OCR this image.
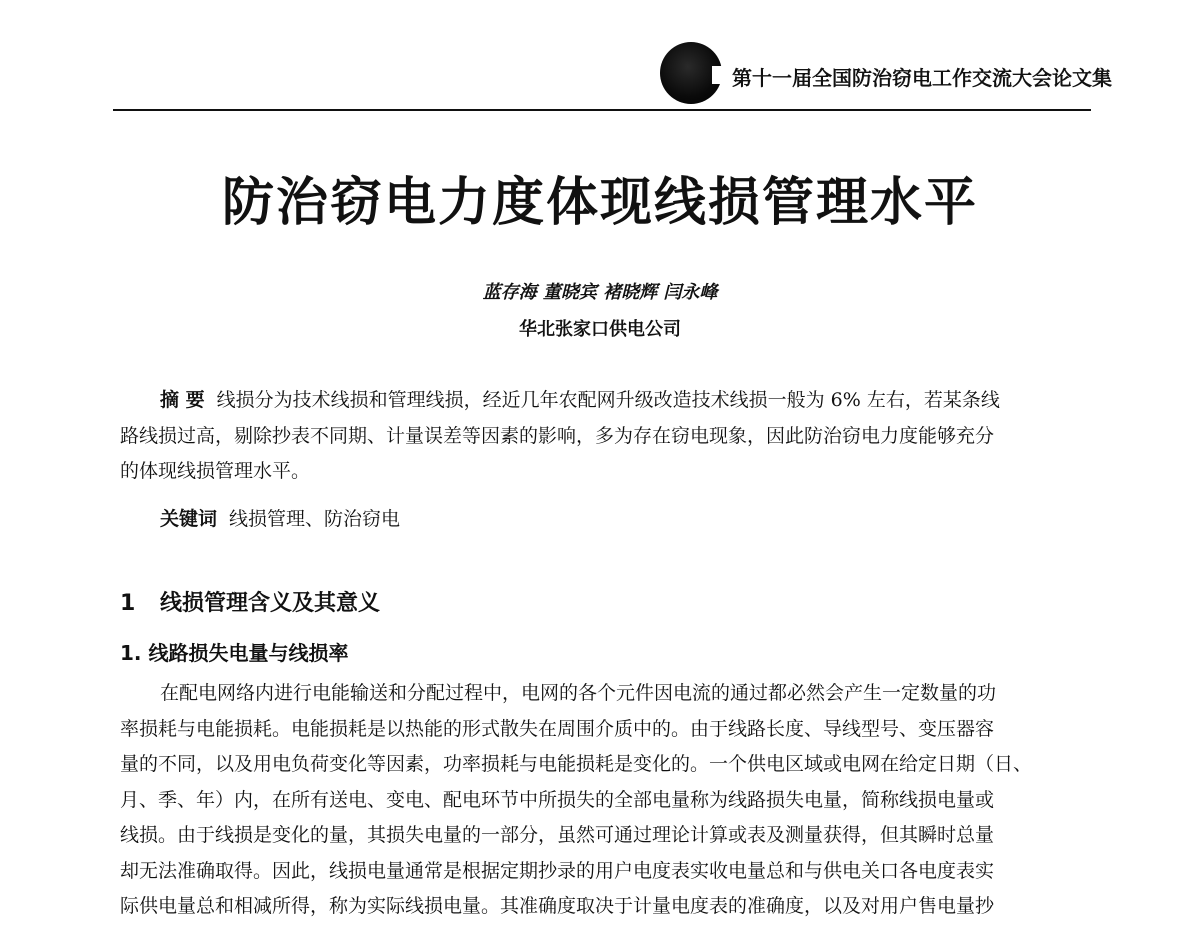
第十一届全国防治窃电工作交流大会论文集
防治窃电力度体现线损管理水平
蓝存海 董晓宾 褚晓辉 闫永峰
华北张家口供电公司
摘 要 线损分为技术线损和管理线损，经近几年农配网升级改造技术线损一般为 6% 左右，若某条线
路线损过高，剔除抄表不同期、计量误差等因素的影响，多为存在窃电现象，因此防治窃电力度能够充分
的体现线损管理水平。
关键词 线损管理、防治窃电
1 线损管理含义及其意义
1. 线路损失电量与线损率
在配电网络内进行电能输送和分配过程中，电网的各个元件因电流的通过都必然会产生一定数量的功
率损耗与电能损耗。电能损耗是以热能的形式散失在周围介质中的。由于线路长度、导线型号、变压器容
量的不同，以及用电负荷变化等因素，功率损耗与电能损耗是变化的。一个供电区域或电网在给定日期（日、
月、季、年）内，在所有送电、变电、配电环节中所损失的全部电量称为线路损失电量，简称线损电量或
线损。由于线损是变化的量，其损失电量的一部分，虽然可通过理论计算或表及测量获得，但其瞬时总量
却无法准确取得。因此，线损电量通常是根据定期抄录的用户电度表实收电量总和与供电关口各电度表实
际供电量总和相减所得，称为实际线损电量。其准确度取决于计量电度表的准确度，以及对用户售电量抄
